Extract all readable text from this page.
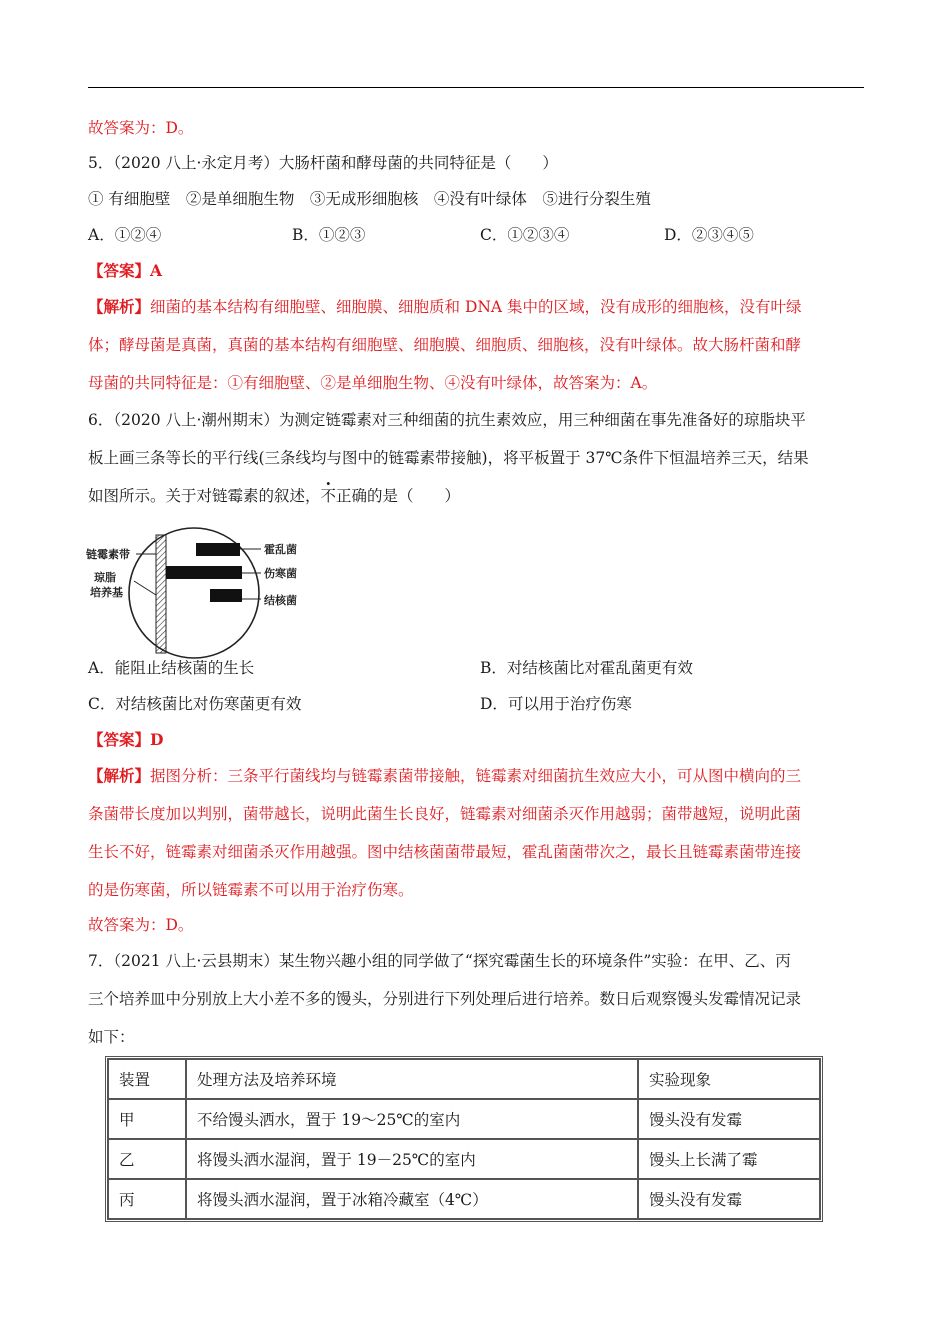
故答案为：D。
5．（2020 八上·永定月考）大肠杆菌和酵母菌的共同特征是（　　）
① 有细胞壁　②是单细胞生物　③无成形细胞核　④没有叶绿体　⑤进行分裂生殖
A．①②④	B．①②③	C．①②③④	D．②③④⑤
【答案】A
【解析】细菌的基本结构有细胞壁、细胞膜、细胞质和 DNA 集中的区域，没有成形的细胞核，没有叶绿
体；酵母菌是真菌，真菌的基本结构有细胞壁、细胞膜、细胞质、细胞核，没有叶绿体。故大肠杆菌和酵
母菌的共同特征是：①有细胞壁、②是单细胞生物、④没有叶绿体，故答案为：A。
6．（2020 八上·潮州期末）为测定链霉素对三种细菌的抗生素效应，用三种细菌在事先准备好的琼脂块平
板上画三条等长的平行线(三条线均与图中的链霉素带接触)，将平板置于 37℃条件下恒温培养三天，结果
如图所示。关于对链霉素的叙述，不正确的是（　　）
链霉素带
琼脂
培养基
霍乱菌
伤寒菌
结核菌
A．能阻止结核菌的生长	B．对结核菌比对霍乱菌更有效
C．对结核菌比对伤寒菌更有效	D．可以用于治疗伤寒
【答案】D
【解析】据图分析：三条平行菌线均与链霉素菌带接触，链霉素对细菌抗生效应大小，可从图中横向的三
条菌带长度加以判别，菌带越长，说明此菌生长良好，链霉素对细菌杀灭作用越弱；菌带越短，说明此菌
生长不好，链霉素对细菌杀灭作用越强。图中结核菌菌带最短，霍乱菌菌带次之，最长且链霉素菌带连接
的是伤寒菌，所以链霉素不可以用于治疗伤寒。
故答案为：D。
7．（2021 八上·云县期末）某生物兴趣小组的同学做了“探究霉菌生长的环境条件”实验：在甲、乙、丙
三个培养皿中分别放上大小差不多的馒头，分别进行下列处理后进行培养。数日后观察馒头发霉情况记录
如下：
装置	处理方法及培养环境	实验现象
甲	不给馒头洒水，置于 19～25℃的室内	馒头没有发霉
乙	将馒头洒水湿润，置于 19－25℃的室内	馒头上长满了霉
丙	将馒头洒水湿润，置于冰箱冷藏室（4℃）	馒头没有发霉
